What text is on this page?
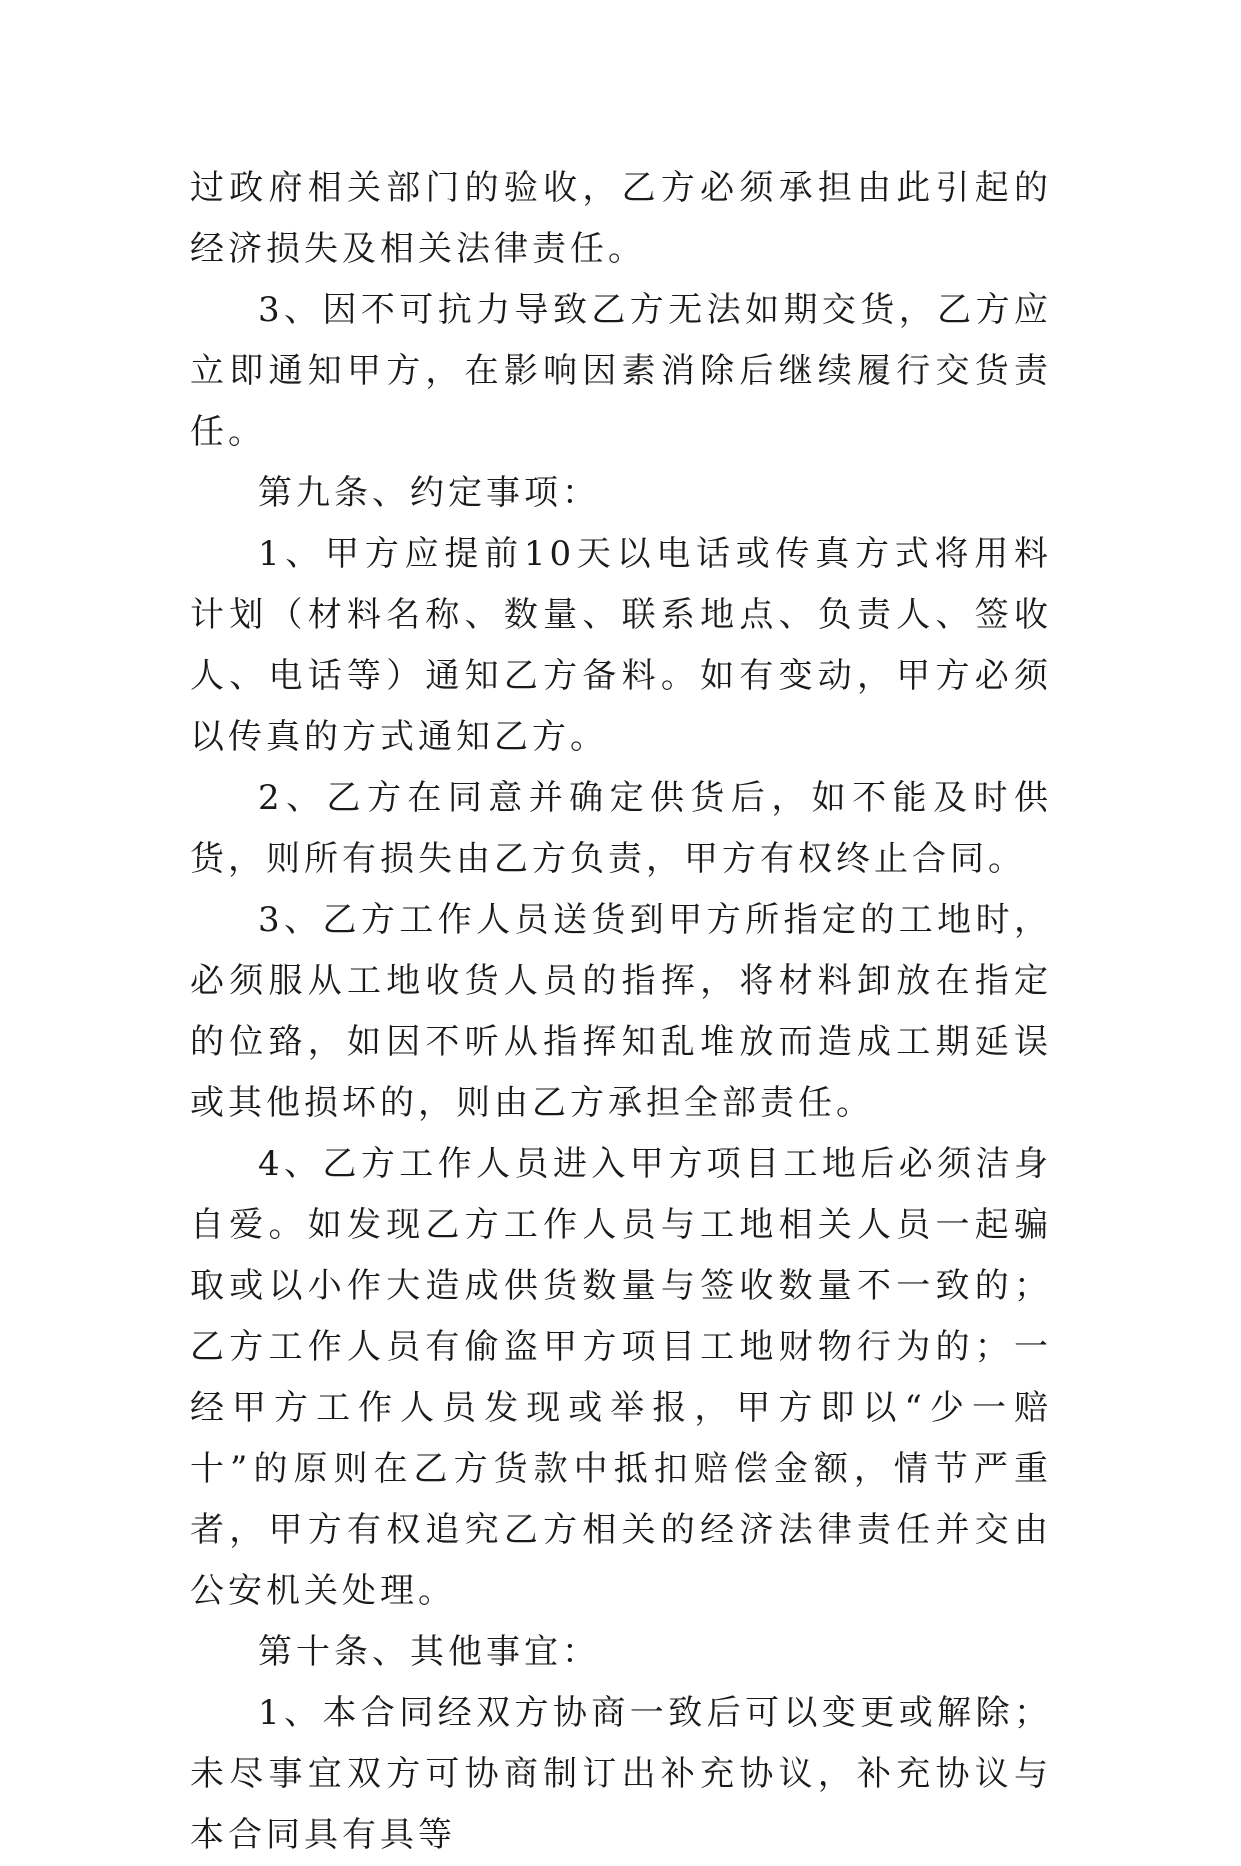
过政府相关部门的验收，乙方必须承担由此引起的经济损失及相关法律责任。

3、因不可抗力导致乙方无法如期交货，乙方应立即通知甲方，在影响因素消除后继续履行交货责任。

第九条、约定事项：

1、甲方应提前10天以电话或传真方式将用料计划（材料名称、数量、联系地点、负责人、签收人、电话等）通知乙方备料。如有变动，甲方必须以传真的方式通知乙方。

2、乙方在同意并确定供货后，如不能及时供货，则所有损失由乙方负责，甲方有权终止合同。

3、乙方工作人员送货到甲方所指定的工地时，必须服从工地收货人员的指挥，将材料卸放在指定的位臵，如因不听从指挥知乱堆放而造成工期延误或其他损坏的，则由乙方承担全部责任。

4、乙方工作人员进入甲方项目工地后必须洁身自爱。如发现乙方工作人员与工地相关人员一起骗取或以小作大造成供货数量与签收数量不一致的；乙方工作人员有偷盗甲方项目工地财物行为的；一经甲方工作人员发现或举报，甲方即以“少一赔十”的原则在乙方货款中抵扣赔偿金额，情节严重者，甲方有权追究乙方相关的经济法律责任并交由公安机关处理。

第十条、其他事宜：

1、本合同经双方协商一致后可以变更或解除；未尽事宜双方可协商制订出补充协议，补充协议与本合同具有具等
